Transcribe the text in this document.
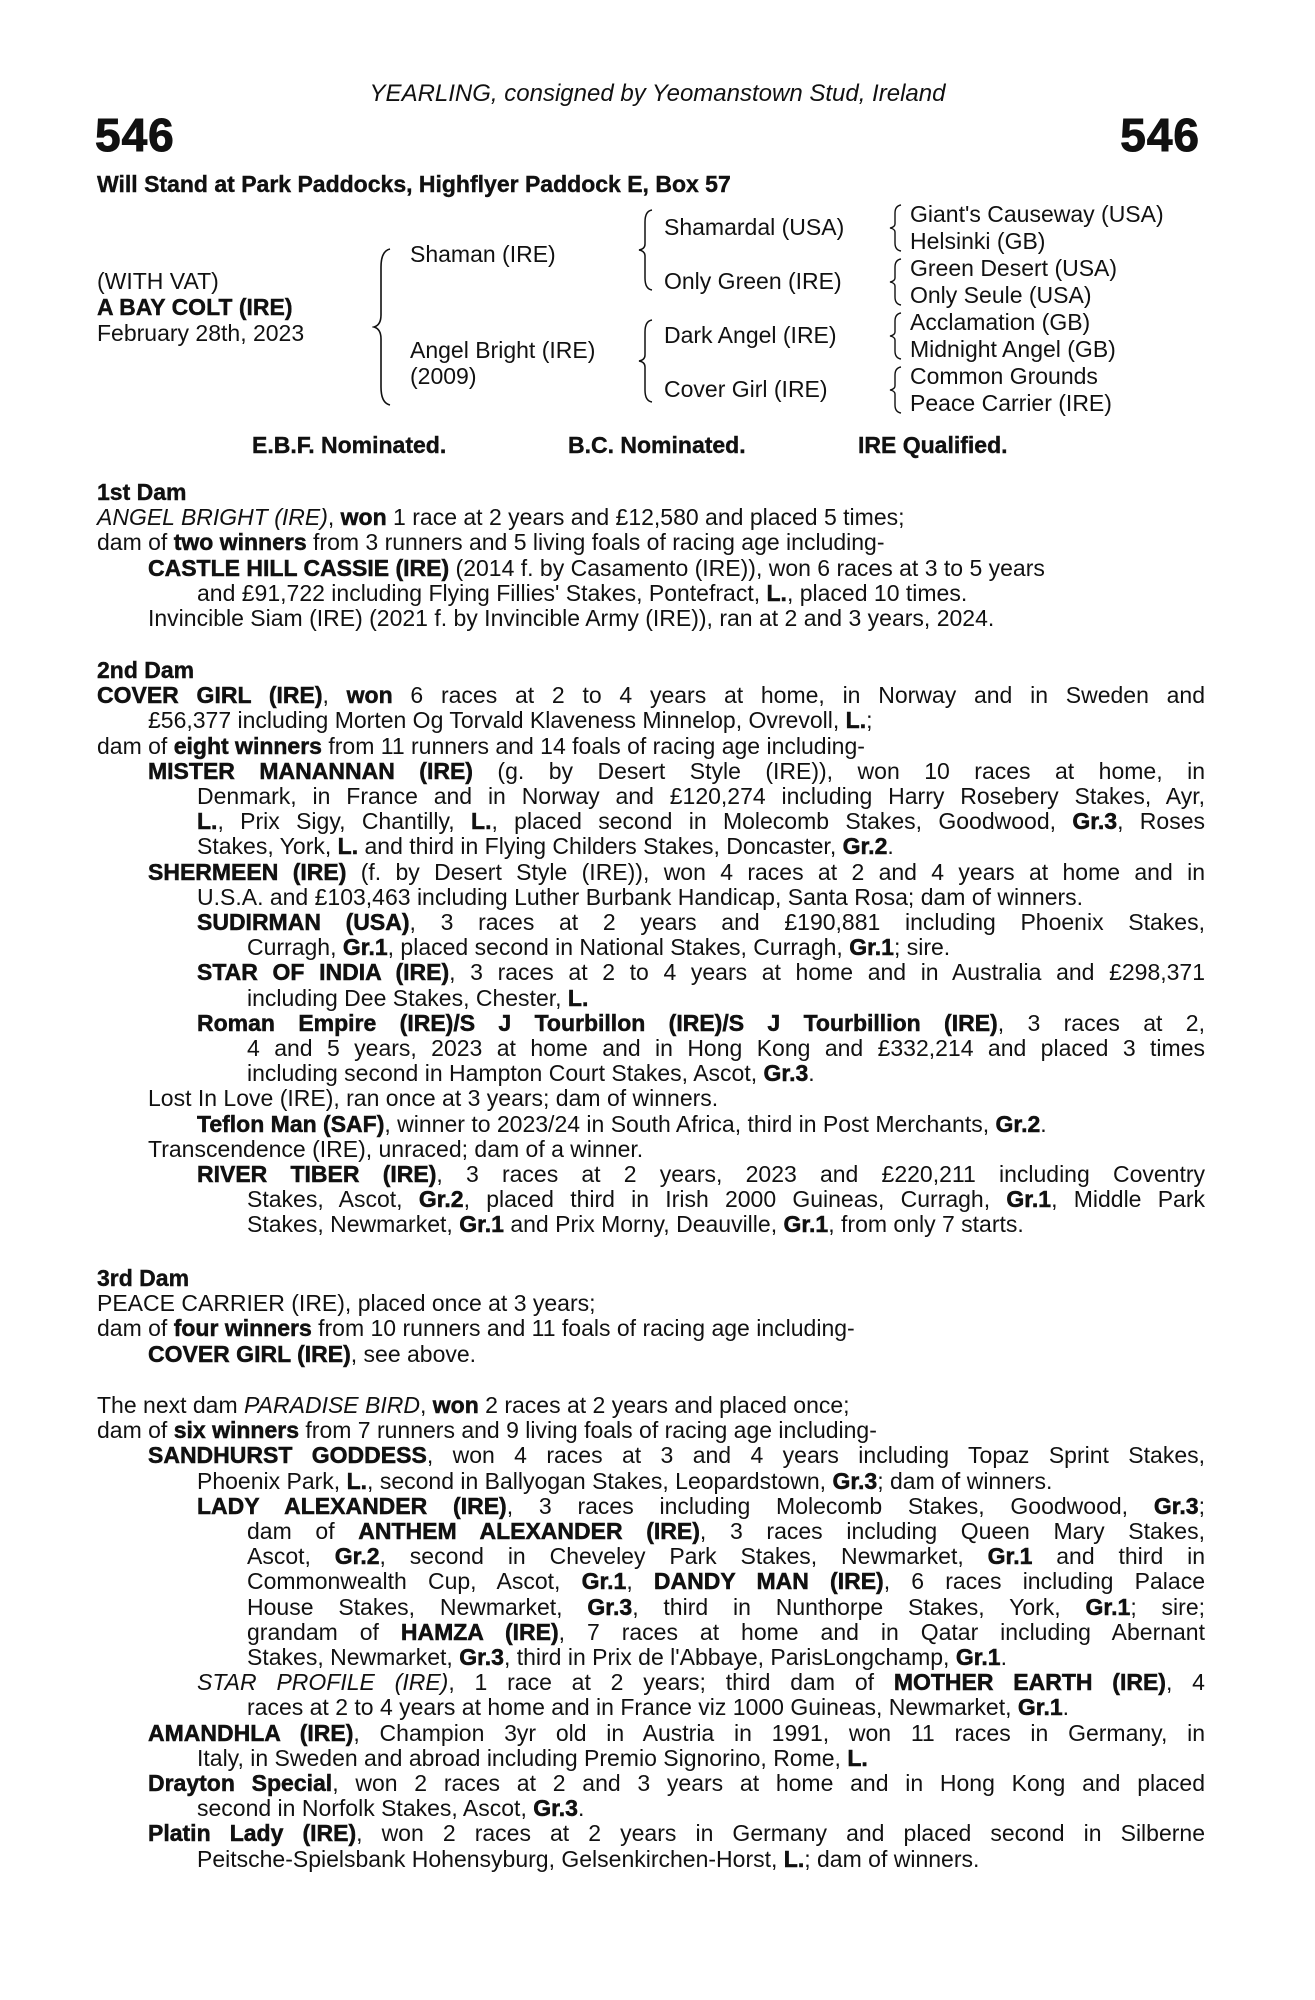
YEARLING, consigned by Yeomanstown Stud, Ireland
546	546
Will Stand at Park Paddocks, Highflyer Paddock E, Box 57
(WITH VAT)
A BAY COLT (IRE)
February 28th, 2023
Shaman (IRE)
Angel Bright (IRE)
(2009)
Shamardal (USA)
Only Green (IRE)
Dark Angel (IRE)
Cover Girl (IRE)
Giant's Causeway (USA)
Helsinki (GB)
Green Desert (USA)
Only Seule (USA)
Acclamation (GB)
Midnight Angel (GB)
Common Grounds
Peace Carrier (IRE)
E.B.F. Nominated.	B.C. Nominated.	IRE Qualified.
1st Dam
ANGEL BRIGHT (IRE), won 1 race at 2 years and £12,580 and placed 5 times;
dam of two winners from 3 runners and 5 living foals of racing age including-
CASTLE HILL CASSIE (IRE) (2014 f. by Casamento (IRE)), won 6 races at 3 to 5 years
and £91,722 including Flying Fillies' Stakes, Pontefract, L., placed 10 times.
Invincible Siam (IRE) (2021 f. by Invincible Army (IRE)), ran at 2 and 3 years, 2024.
2nd Dam
COVER GIRL (IRE), won 6 races at 2 to 4 years at home, in Norway and in Sweden and
£56,377 including Morten Og Torvald Klaveness Minnelop, Ovrevoll, L.;
dam of eight winners from 11 runners and 14 foals of racing age including-
MISTER MANANNAN (IRE) (g. by Desert Style (IRE)), won 10 races at home, in
Denmark, in France and in Norway and £120,274 including Harry Rosebery Stakes, Ayr,
L., Prix Sigy, Chantilly, L., placed second in Molecomb Stakes, Goodwood, Gr.3, Roses
Stakes, York, L. and third in Flying Childers Stakes, Doncaster, Gr.2.
SHERMEEN (IRE) (f. by Desert Style (IRE)), won 4 races at 2 and 4 years at home and in
U.S.A. and £103,463 including Luther Burbank Handicap, Santa Rosa; dam of winners.
SUDIRMAN (USA), 3 races at 2 years and £190,881 including Phoenix Stakes,
Curragh, Gr.1, placed second in National Stakes, Curragh, Gr.1; sire.
STAR OF INDIA (IRE), 3 races at 2 to 4 years at home and in Australia and £298,371
including Dee Stakes, Chester, L.
Roman Empire (IRE)/S J Tourbillon (IRE)/S J Tourbillion (IRE), 3 races at 2,
4 and 5 years, 2023 at home and in Hong Kong and £332,214 and placed 3 times
including second in Hampton Court Stakes, Ascot, Gr.3.
Lost In Love (IRE), ran once at 3 years; dam of winners.
Teflon Man (SAF), winner to 2023/24 in South Africa, third in Post Merchants, Gr.2.
Transcendence (IRE), unraced; dam of a winner.
RIVER TIBER (IRE), 3 races at 2 years, 2023 and £220,211 including Coventry
Stakes, Ascot, Gr.2, placed third in Irish 2000 Guineas, Curragh, Gr.1, Middle Park
Stakes, Newmarket, Gr.1 and Prix Morny, Deauville, Gr.1, from only 7 starts.
3rd Dam
PEACE CARRIER (IRE), placed once at 3 years;
dam of four winners from 10 runners and 11 foals of racing age including-
COVER GIRL (IRE), see above.
The next dam PARADISE BIRD, won 2 races at 2 years and placed once;
dam of six winners from 7 runners and 9 living foals of racing age including-
SANDHURST GODDESS, won 4 races at 3 and 4 years including Topaz Sprint Stakes,
Phoenix Park, L., second in Ballyogan Stakes, Leopardstown, Gr.3; dam of winners.
LADY ALEXANDER (IRE), 3 races including Molecomb Stakes, Goodwood, Gr.3;
dam of ANTHEM ALEXANDER (IRE), 3 races including Queen Mary Stakes,
Ascot, Gr.2, second in Cheveley Park Stakes, Newmarket, Gr.1 and third in
Commonwealth Cup, Ascot, Gr.1, DANDY MAN (IRE), 6 races including Palace
House Stakes, Newmarket, Gr.3, third in Nunthorpe Stakes, York, Gr.1; sire;
grandam of HAMZA (IRE), 7 races at home and in Qatar including Abernant
Stakes, Newmarket, Gr.3, third in Prix de l'Abbaye, ParisLongchamp, Gr.1.
STAR PROFILE (IRE), 1 race at 2 years; third dam of MOTHER EARTH (IRE), 4
races at 2 to 4 years at home and in France viz 1000 Guineas, Newmarket, Gr.1.
AMANDHLA (IRE), Champion 3yr old in Austria in 1991, won 11 races in Germany, in
Italy, in Sweden and abroad including Premio Signorino, Rome, L.
Drayton Special, won 2 races at 2 and 3 years at home and in Hong Kong and placed
second in Norfolk Stakes, Ascot, Gr.3.
Platin Lady (IRE), won 2 races at 2 years in Germany and placed second in Silberne
Peitsche-Spielsbank Hohensyburg, Gelsenkirchen-Horst, L.; dam of winners.
